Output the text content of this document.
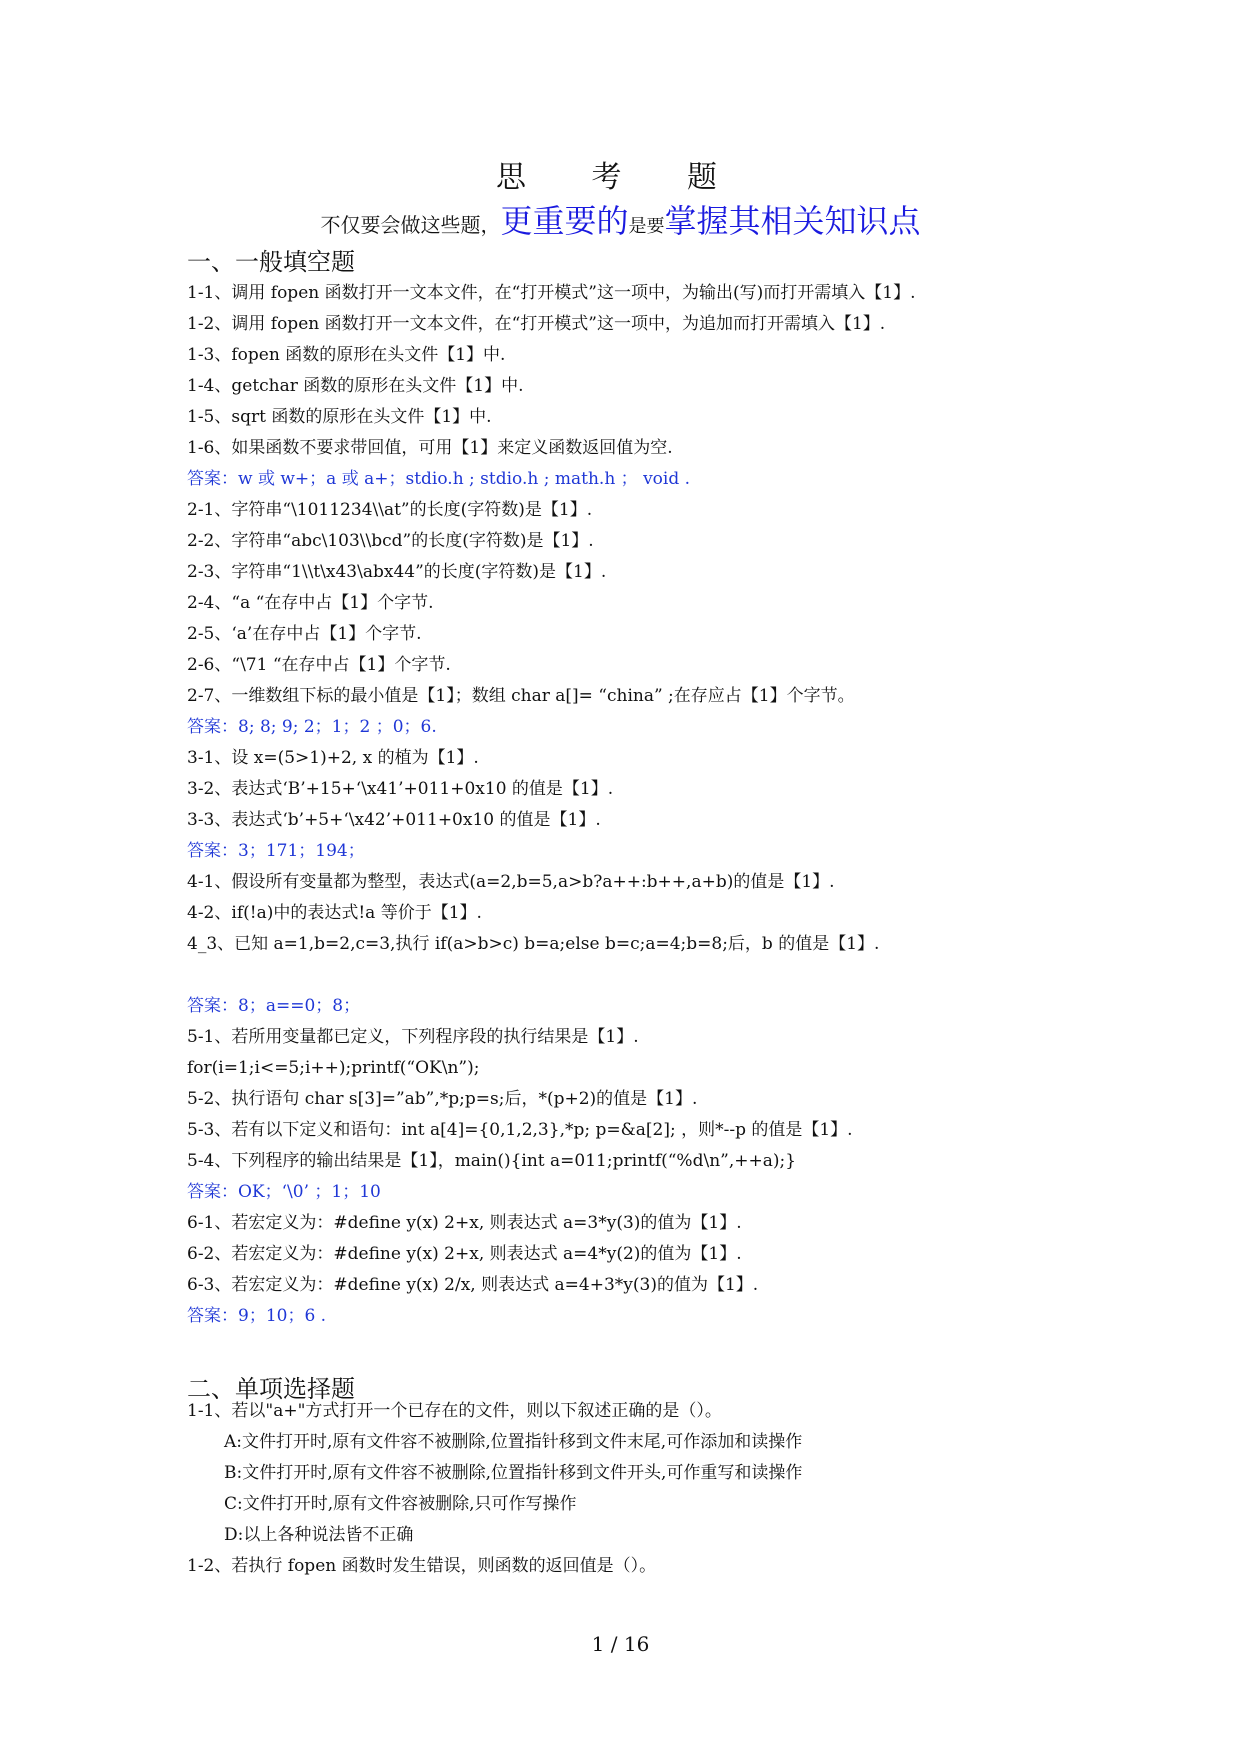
思 考 题
不仅要会做这些题，更重要的是要掌握其相关知识点
一、一般填空题
1-1、调用 fopen 函数打开一文本文件，在“打开模式”这一项中，为输出(写)而打开需填入【1】.
1-2、调用 fopen 函数打开一文本文件，在“打开模式”这一项中，为追加而打开需填入【1】.
1-3、fopen 函数的原形在头文件【1】中.
1-4、getchar 函数的原形在头文件【1】中.
1-5、sqrt 函数的原形在头文件【1】中.
1-6、如果函数不要求带回值，可用【1】来定义函数返回值为空.
答案：w 或 w+；a 或 a+；stdio.h ; stdio.h ; math.h ； void .
2-1、字符串“\1011234\\at”的长度(字符数)是【1】.
2-2、字符串“abc\103\\bcd”的长度(字符数)是【1】.
2-3、字符串“1\\t\x43\abx44”的长度(字符数)是【1】.
2-4、“a “在存中占【1】个字节.
2-5、‘a’在存中占【1】个字节.
2-6、“\71 “在存中占【1】个字节.
2-7、一维数组下标的最小值是【1】；数组 char a[]= “china” ;在存应占【1】个字节。
答案：8; 8; 9; 2；1；2 ；0；6.
3-1、设 x=(5>1)+2, x 的植为【1】.
3-2、表达式‘B’+15+‘\x41’+011+0x10 的值是【1】.
3-3、表达式‘b’+5+‘\x42’+011+0x10 的值是【1】.
答案：3；171；194；
4-1、假设所有变量都为整型，表达式(a=2,b=5,a>b?a++:b++,a+b)的值是【1】.
4-2、if(!a)中的表达式!a 等价于【1】.
4_3、已知 a=1,b=2,c=3,执行 if(a>b>c) b=a;else b=c;a=4;b=8;后，b 的值是【1】.
答案：8；a==0；8；
5-1、若所用变量都已定义，下列程序段的执行结果是【1】.
for(i=1;i<=5;i++);printf(“OK\n”);
5-2、执行语句 char s[3]=”ab”,*p;p=s;后，*(p+2)的值是【1】.
5-3、若有以下定义和语句：int a[4]={0,1,2,3},*p; p=&a[2]; ，则*--p 的值是【1】.
5-4、下列程序的输出结果是【1】，main(){int a=011;printf(“%d\n”,++a);}
答案：OK；‘\0’ ；1；10
6-1、若宏定义为：#define y(x) 2+x, 则表达式 a=3*y(3)的值为【1】.
6-2、若宏定义为：#define y(x) 2+x, 则表达式 a=4*y(2)的值为【1】.
6-3、若宏定义为：#define y(x) 2/x, 则表达式 a=4+3*y(3)的值为【1】.
答案：9；10；6 .
二、单项选择题
1-1、若以"a+"方式打开一个已存在的文件，则以下叙述正确的是（）。
A:文件打开时,原有文件容不被删除,位置指针移到文件末尾,可作添加和读操作
B:文件打开时,原有文件容不被删除,位置指针移到文件开头,可作重写和读操作
C:文件打开时,原有文件容被删除,只可作写操作
D:以上各种说法皆不正确
1-2、若执行 fopen 函数时发生错误，则函数的返回值是（）。
1 / 16
